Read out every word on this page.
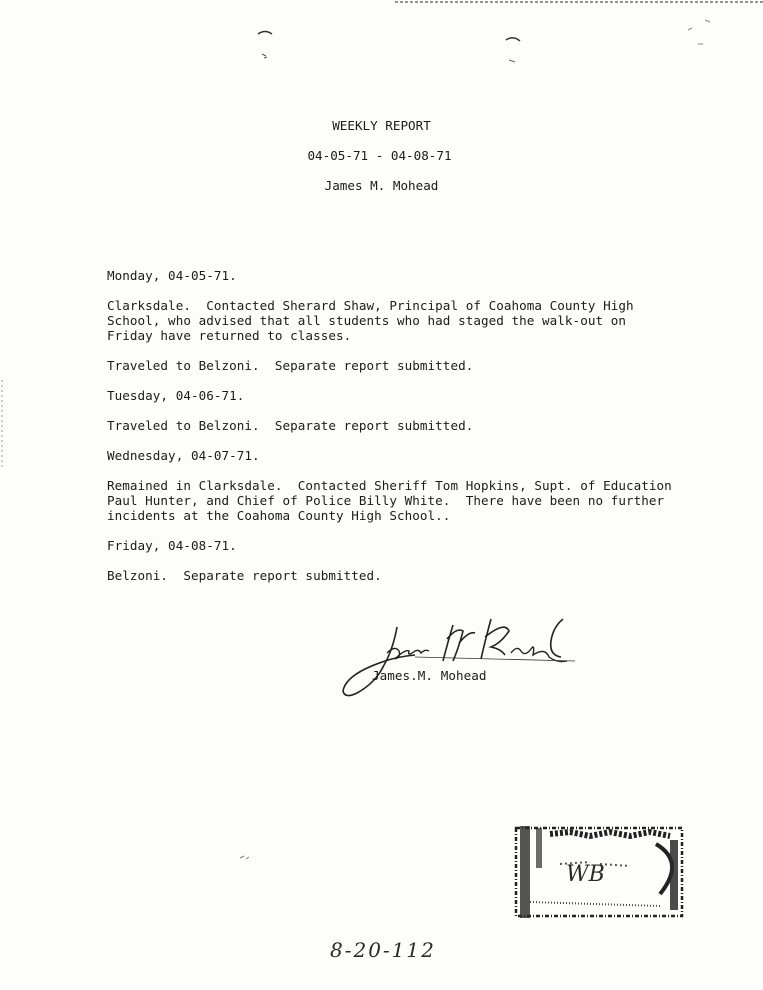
WEEKLY REPORT
04-05-71 - 04-08-71
James M. Mohead
Monday, 04-05-71.
Clarksdale.  Contacted Sherard Shaw, Principal of Coahoma County High
School, who advised that all students who had staged the walk-out on
Friday have returned to classes.
Traveled to Belzoni.  Separate report submitted.
Tuesday, 04-06-71.
Traveled to Belzoni.  Separate report submitted.
Wednesday, 04-07-71.
Remained in Clarksdale.  Contacted Sheriff Tom Hopkins, Supt. of Education
Paul Hunter, and Chief of Police Billy White.  There have been no further
incidents at the Coahoma County High School..
Friday, 04-08-71.
Belzoni.  Separate report submitted.
James.M. Mohead
WB
8-20-112
